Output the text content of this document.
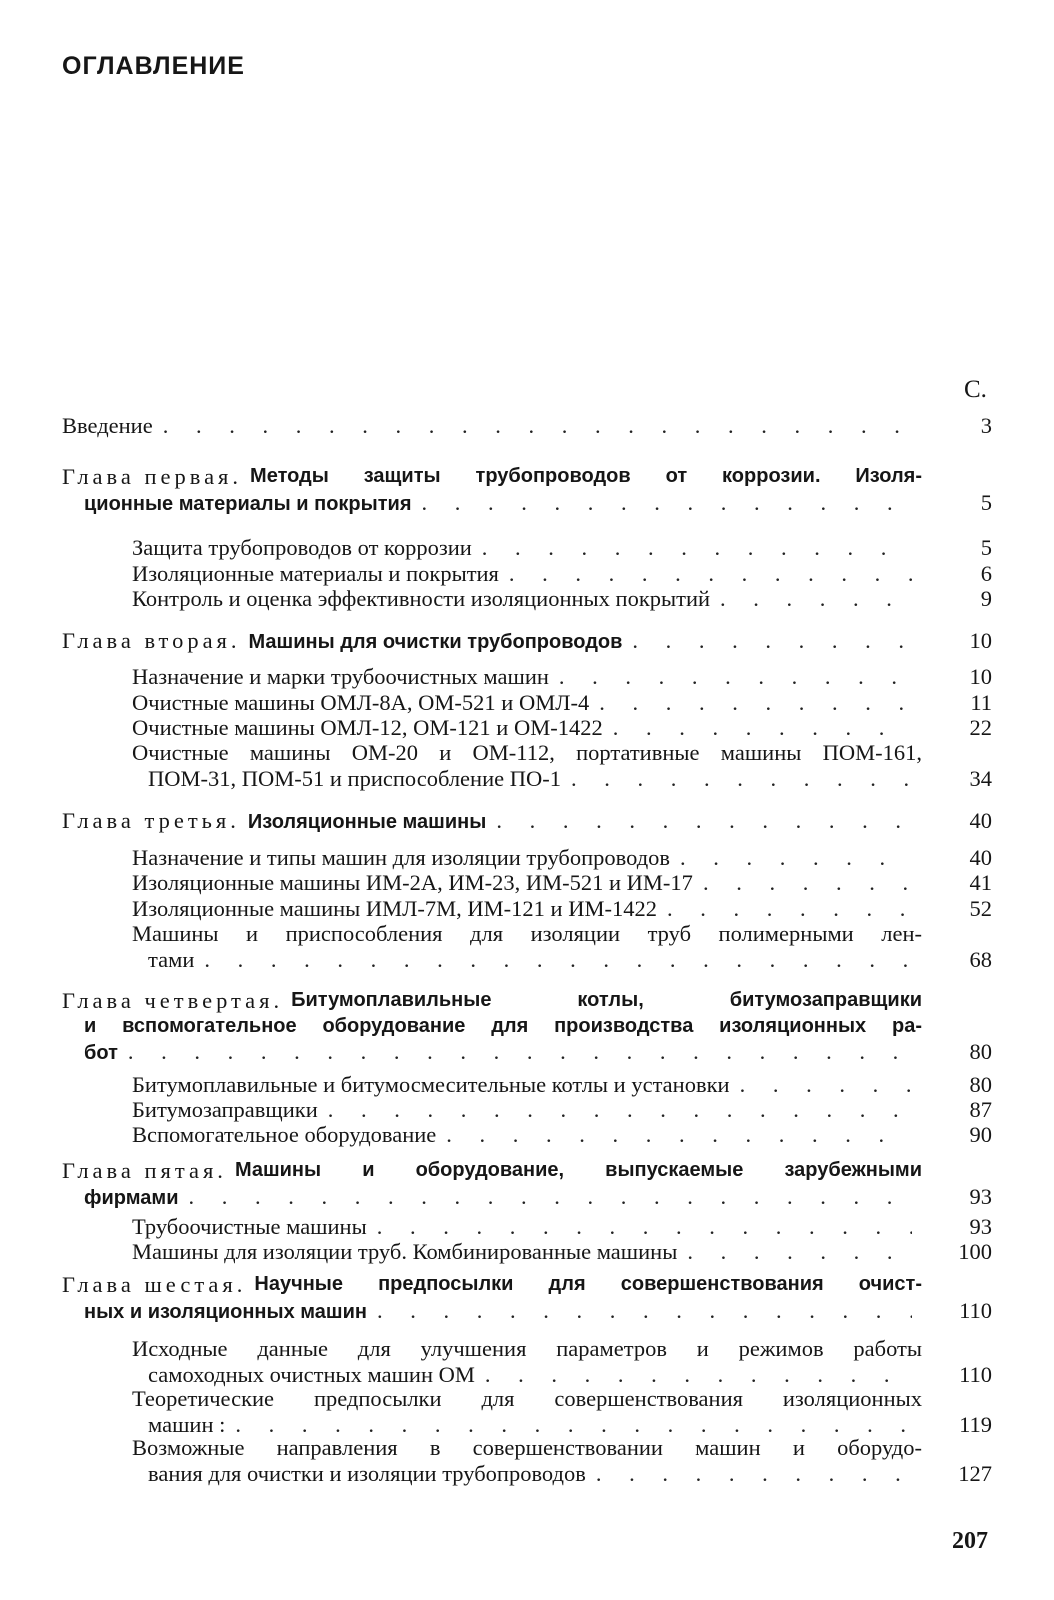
ОГЛАВЛЕНИЕ
С.
Введение . . .	3
Глава первая. Методы защиты трубопроводов от коррозии. Изоля-
ционные материалы и покрытия . . .	5
Защита трубопроводов от коррозии . . .	5
Изоляционные материалы и покрытия . . .	6
Контроль и оценка эффективности изоляционных покрытий . . .	9
Глава вторая. Машины для очистки трубопроводов . . .	10
Назначение и марки трубоочистных машин . . .	10
Очистные машины ОМЛ-8А, ОМ-521 и ОМЛ-4 . . .	11
Очистные машины ОМЛ-12, ОМ-121 и ОМ-1422 . . .	22
Очистные машины ОМ-20 и ОМ-112, портативные машины ПОМ-161,
ПОМ-31, ПОМ-51 и приспособление ПО-1 . . .	34
Глава третья. Изоляционные машины . . .	40
Назначение и типы машин для изоляции трубопроводов . . .	40
Изоляционные машины ИМ-2А, ИМ-23, ИМ-521 и ИМ-17 . . .	41
Изоляционные машины ИМЛ-7М, ИМ-121 и ИМ-1422 . . .	52
Машины и приспособления для изоляции труб полимерными лен-
тами . . .	68
Глава четвертая. Битумоплавильные котлы, битумозаправщики
и вспомогательное оборудование для производства изоляционных ра-
бот . . .	80
Битумоплавильные и битумосмесительные котлы и установки . . .	80
Битумозаправщики . . .	87
Вспомогательное оборудование . . .	90
Глава пятая. Машины и оборудование, выпускаемые зарубежными
фирмами . . .	93
Трубоочистные машины . . .	93
Машины для изоляции труб. Комбинированные машины . . .	100
Глава шестая. Научные предпосылки для совершенствования очист-
ных и изоляционных машин . . .	110
Исходные данные для улучшения параметров и режимов работы
самоходных очистных машин ОМ . . .	110
Теоретические предпосылки для совершенствования изоляционных
машин : . . .	119
Возможные направления в совершенствовании машин и оборудо-
вания для очистки и изоляции трубопроводов . . .	127
207
